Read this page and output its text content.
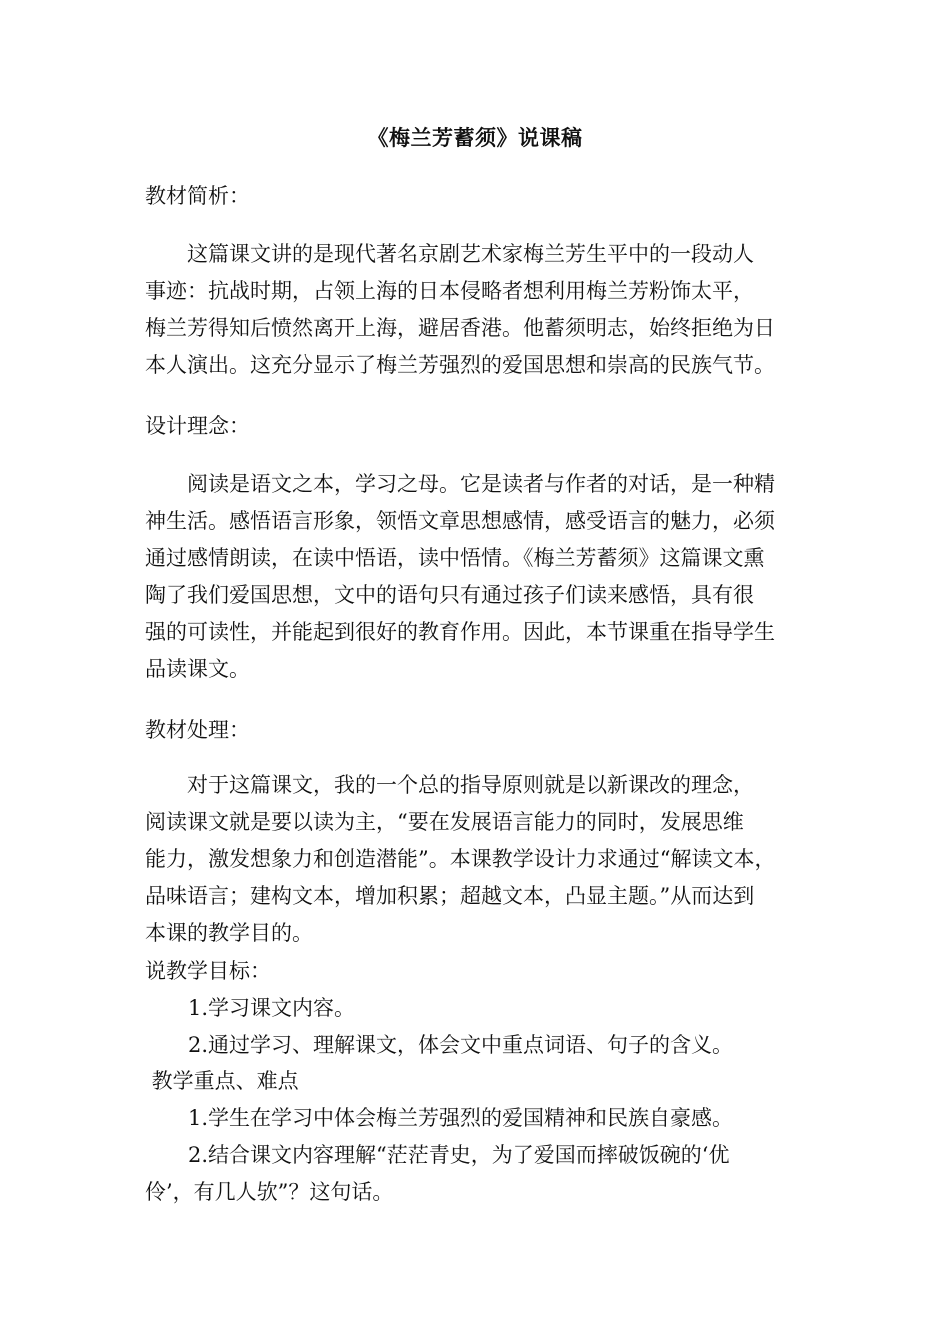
《梅兰芳蓄须》说课稿
教材简析：
　　这篇课文讲的是现代著名京剧艺术家梅兰芳生平中的一段动人
事迹：抗战时期，占领上海的日本侵略者想利用梅兰芳粉饰太平，
梅兰芳得知后愤然离开上海，避居香港。他蓄须明志，始终拒绝为日
本人演出。这充分显示了梅兰芳强烈的爱国思想和崇高的民族气节。
设计理念：
　　阅读是语文之本，学习之母。它是读者与作者的对话，是一种精
神生活。感悟语言形象，领悟文章思想感情，感受语言的魅力，必须
通过感情朗读，在读中悟语，读中悟情。《梅兰芳蓄须》这篇课文熏
陶了我们爱国思想，文中的语句只有通过孩子们读来感悟，具有很
强的可读性，并能起到很好的教育作用。因此，本节课重在指导学生
品读课文。
教材处理：
　　对于这篇课文，我的一个总的指导原则就是以新课改的理念，
阅读课文就是要以读为主，“要在发展语言能力的同时，发展思维
能力，激发想象力和创造潜能”。本课教学设计力求通过“解读文本，
品味语言；建构文本，增加积累；超越文本，凸显主题。”从而达到
本课的教学目的。
说教学目标：
1.学习课文内容。
2.通过学习、理解课文，体会文中重点词语、句子的含义。
教学重点、难点
1.学生在学习中体会梅兰芳强烈的爱国精神和民族自豪感。
2.结合课文内容理解“茫茫青史，为了爱国而摔破饭碗的‘优
伶’，有几人欤”？这句话。
